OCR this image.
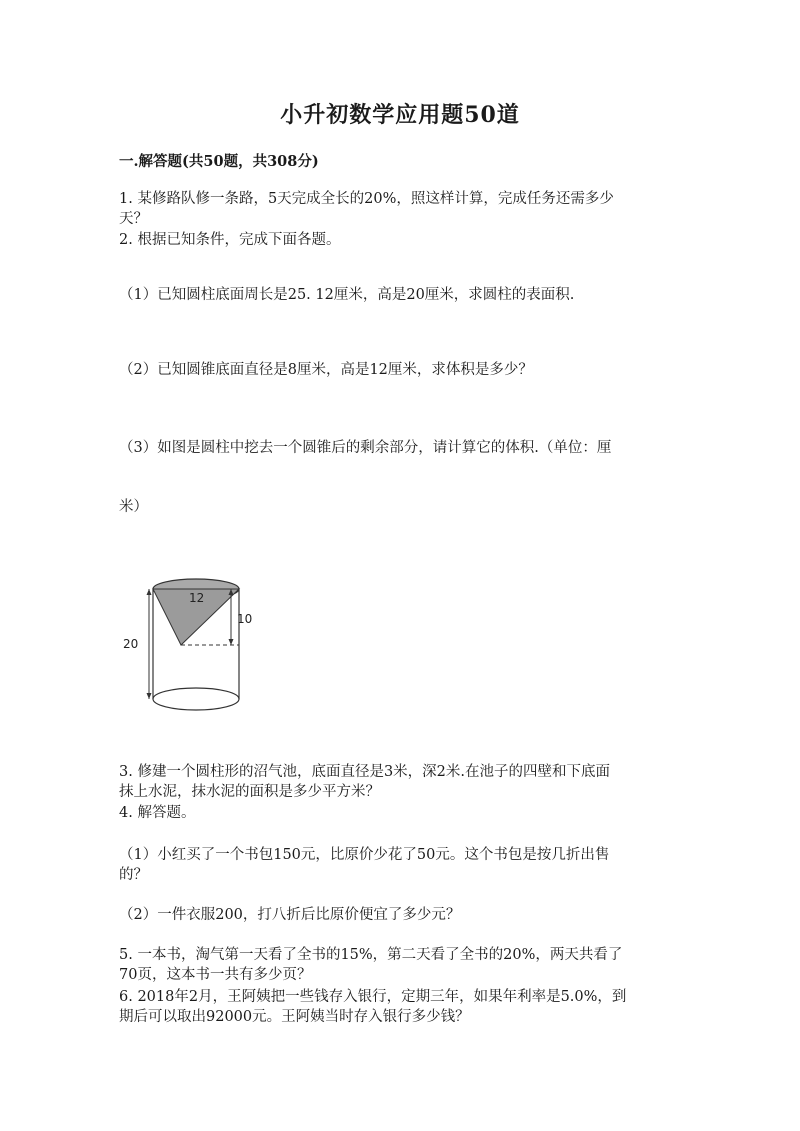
小升初数学应用题50道
一.解答题(共50题，共308分)
1. 某修路队修一条路，5天完成全长的20%，照这样计算，完成任务还需多少
天？
2. 根据已知条件，完成下面各题。
（1）已知圆柱底面周长是25. 12厘米，高是20厘米，求圆柱的表面积.
（2）已知圆锥底面直径是8厘米，高是12厘米，求体积是多少？
（3）如图是圆柱中挖去一个圆锥后的剩余部分，请计算它的体积.（单位：厘
米）
12
10
20
3. 修建一个圆柱形的沼气池，底面直径是3米，深2米.在池子的四壁和下底面
抹上水泥，抹水泥的面积是多少平方米？
4. 解答题。
（1）小红买了一个书包150元，比原价少花了50元。这个书包是按几折出售
的？
（2）一件衣服200，打八折后比原价便宜了多少元？
5. 一本书，淘气第一天看了全书的15%，第二天看了全书的20%，两天共看了
70页，这本书一共有多少页？
6. 2018年2月，王阿姨把一些钱存入银行，定期三年，如果年利率是5.0%，到
期后可以取出92000元。王阿姨当时存入银行多少钱？
